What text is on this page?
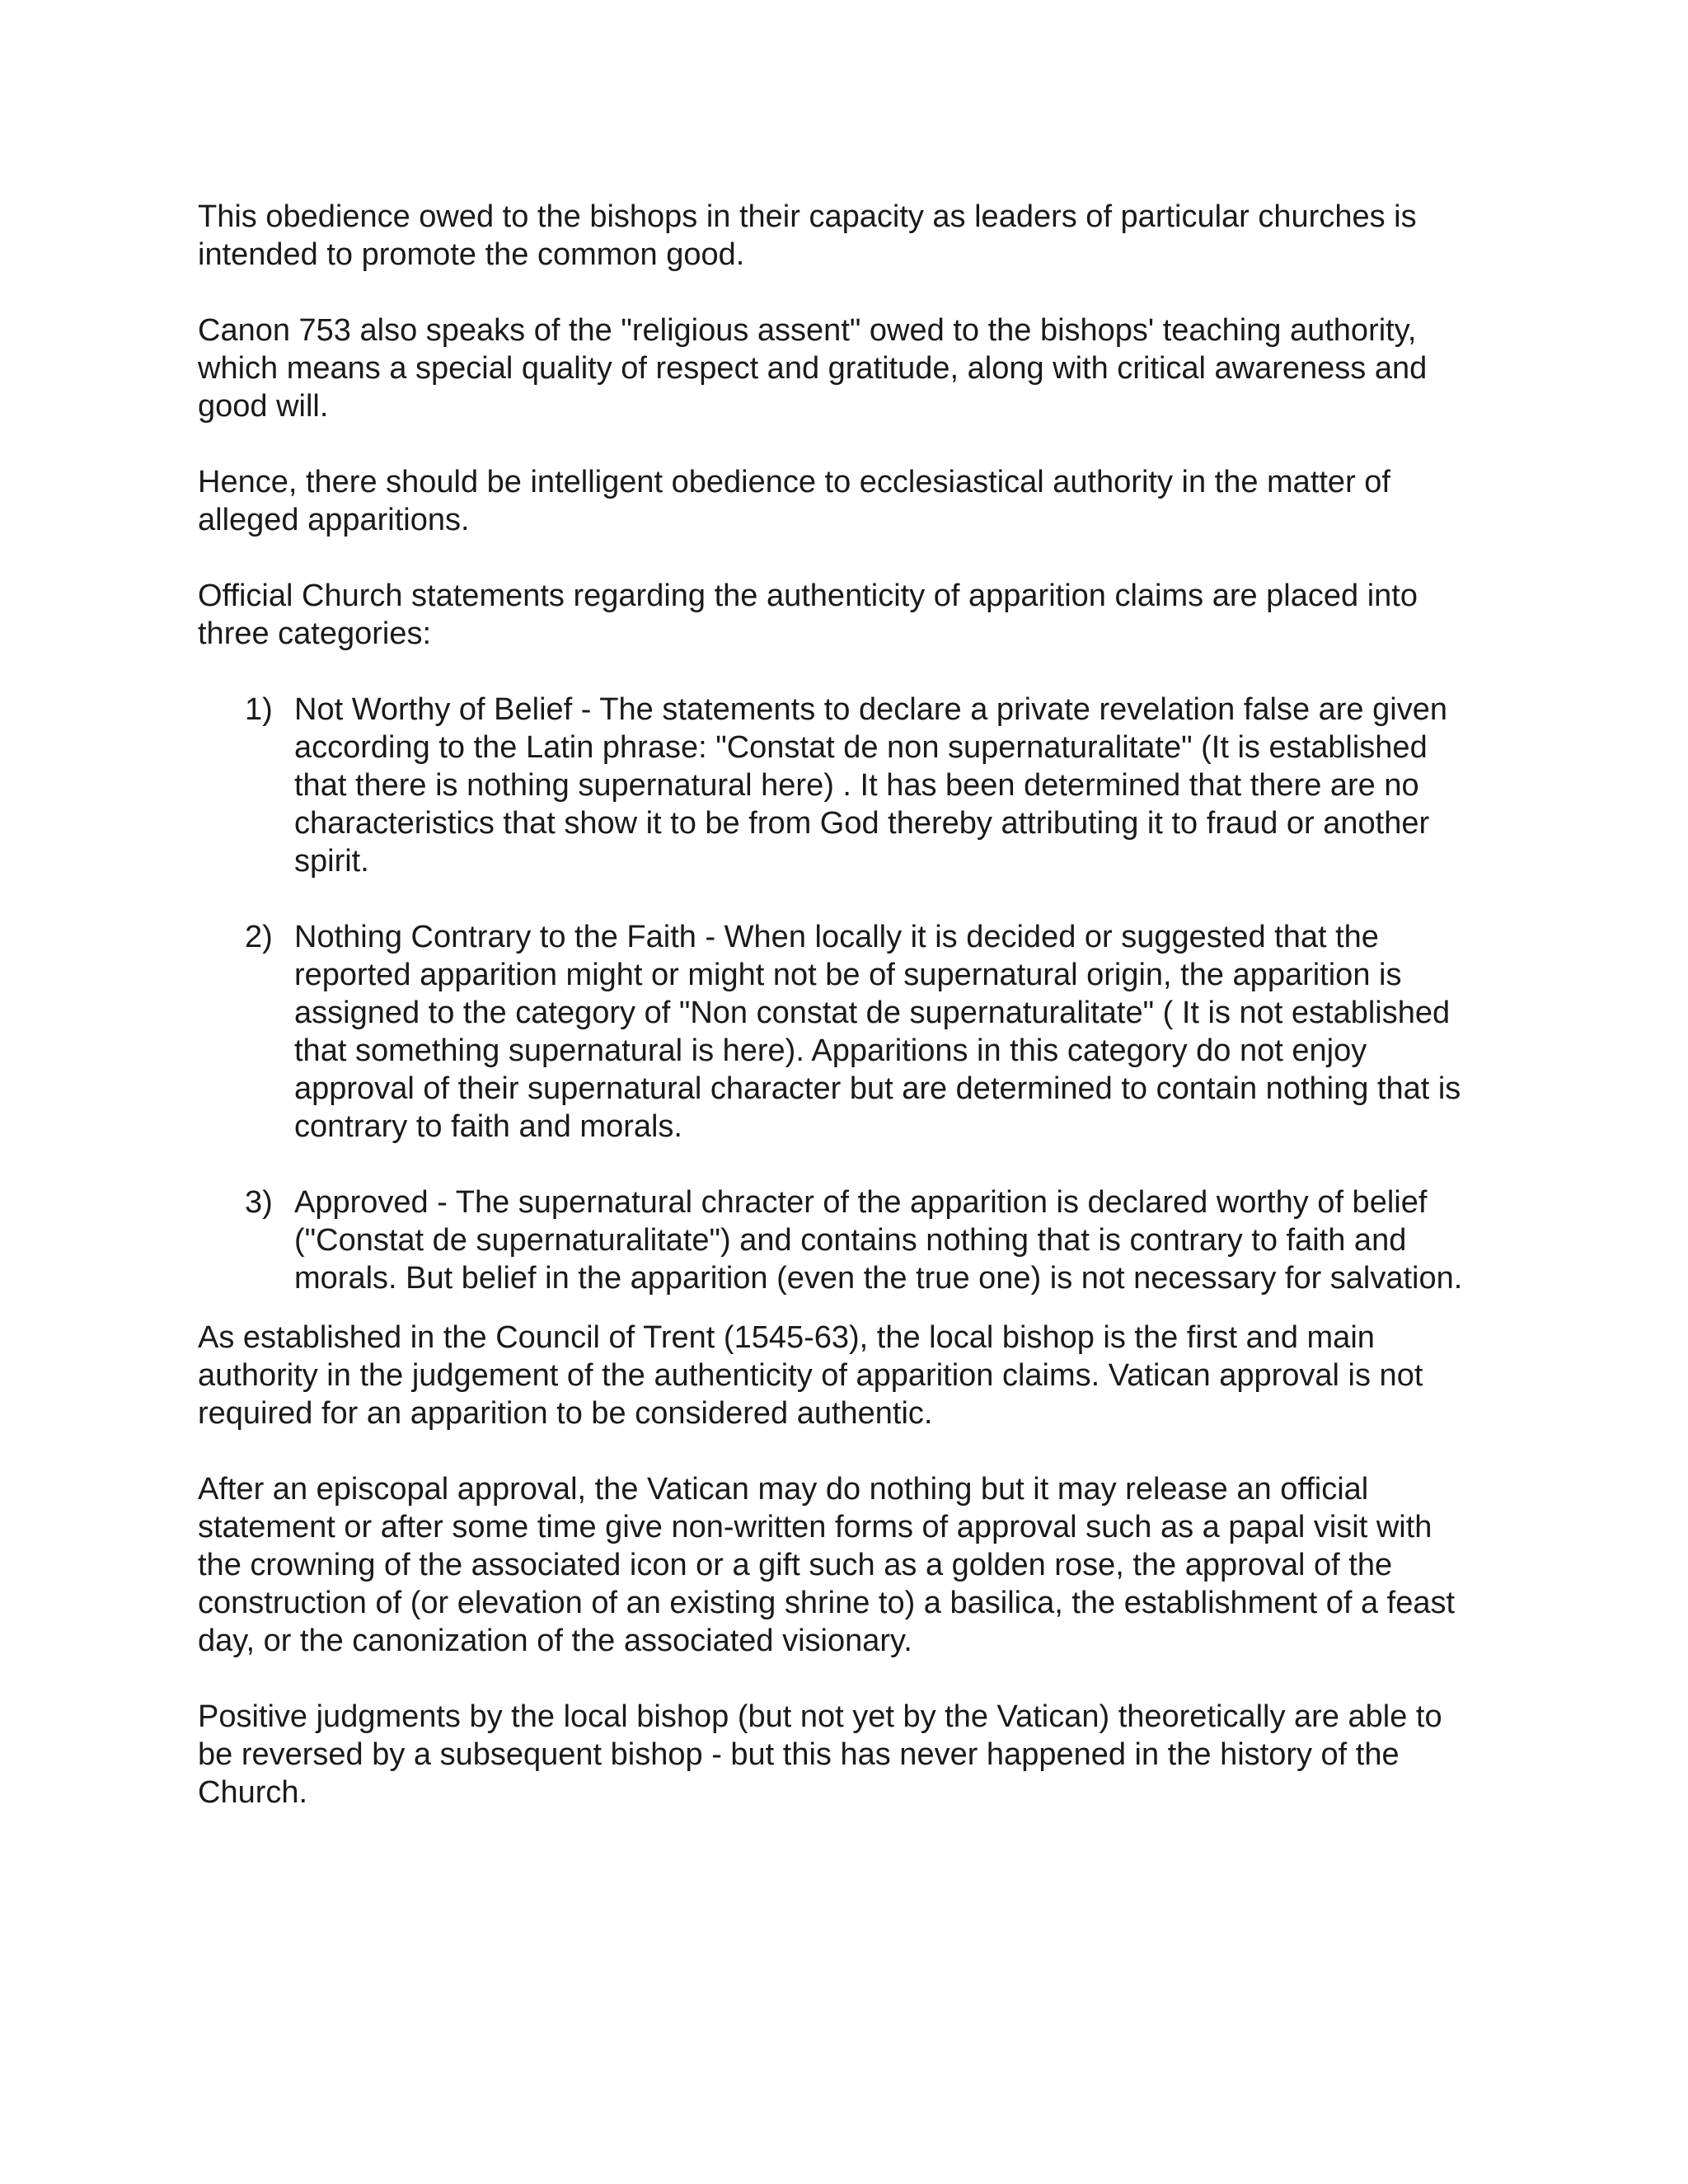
This obedience owed to the bishops in their capacity as leaders of particular churches is intended to promote the common good.

Canon 753 also speaks of the "religious assent" owed to the bishops' teaching authority, which means a special quality of respect and gratitude, along with critical awareness and good will.

Hence, there should be intelligent obedience to ecclesiastical authority in the matter of alleged apparitions.

Official Church statements regarding the authenticity of apparition claims are placed into three categories:

1) Not Worthy of Belief - The statements to declare a private revelation false are given according to the Latin phrase: "Constat de non supernaturalitate" (It is established that there is nothing supernatural here) . It has been determined that there are no characteristics that show it to be from God thereby attributing it to fraud or another spirit.
2) Nothing Contrary to the Faith - When locally it is decided or suggested that the reported apparition might or might not be of supernatural origin, the apparition is assigned to the category of "Non constat de supernaturalitate" ( It is not established that something supernatural is here). Apparitions in this category do not enjoy approval of their supernatural character but are determined to contain nothing that is contrary to faith and morals.
3) Approved - The supernatural chracter of the apparition is declared worthy of belief ("Constat de supernaturalitate") and contains nothing that is contrary to faith and morals. But belief in the apparition (even the true one) is not necessary for salvation.

As established in the Council of Trent (1545-63), the local bishop is the first and main authority in the judgement of the authenticity of apparition claims. Vatican approval is not required for an apparition to be considered authentic.

After an episcopal approval, the Vatican may do nothing but it may release an official statement or after some time give non-written forms of approval such as a papal visit with the crowning of the associated icon or a gift such as a golden rose, the approval of the construction of (or elevation of an existing shrine to) a basilica, the establishment of a feast day, or the canonization of the associated visionary.

Positive judgments by the local bishop (but not yet by the Vatican) theoretically are able to be reversed by a subsequent bishop - but this has never happened in the history of the Church.
